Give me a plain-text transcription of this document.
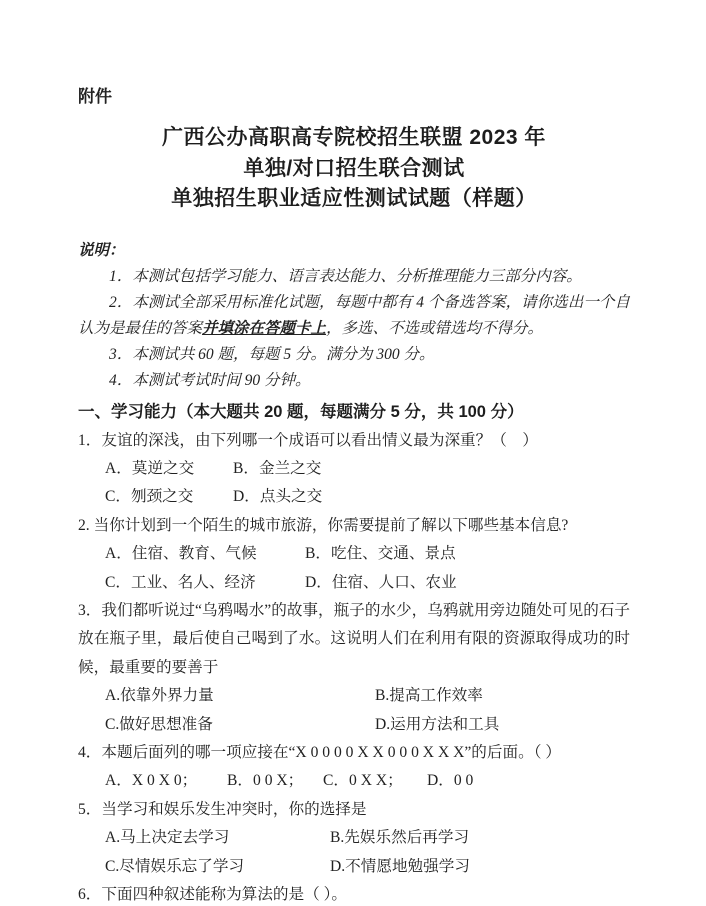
附件
广西公办高职高专院校招生联盟 2023 年
单独/对口招生联合测试
单独招生职业适应性测试试题（样题）

说明：

1．本测试包括学习能力、语言表达能力、分析推理能力三部分内容。

2．本测试全部采用标准化试题，每题中都有 4 个备选答案，请你选出一个自认为是最佳的答案并填涂在答题卡上，多选、不选或错选均不得分。

3．本测试共 60 题，每题 5 分。满分为 300 分。

4．本测试考试时间 90 分钟。

一、学习能力（本大题共 20 题，每题满分 5 分，共 100 分）

1．友谊的深浅，由下列哪一个成语可以看出情义最为深重？（　）

A．莫逆之交	B．金兰之交
C．刎颈之交	D．点头之交

2. 当你计划到一个陌生的城市旅游，你需要提前了解以下哪些基本信息?

A．住宿、教育、气候	B．吃住、交通、景点
C．工业、名人、经济	D．住宿、人口、农业

3．我们都听说过“乌鸦喝水”的故事，瓶子的水少，乌鸦就用旁边随处可见的石子放在瓶子里，最后使自己喝到了水。这说明人们在利用有限的资源取得成功的时候，最重要的要善于

A.依靠外界力量	B.提高工作效率
C.做好思想准备	D.运用方法和工具

4．本题后面列的哪一项应接在“X 0 0 0 0 X X 0 0 0 X X X”的后面。（ ）

A．X 0 X 0；	B．0 0 X；	C．0 X X；	D．0 0

5．当学习和娱乐发生冲突时，你的选择是

A.马上决定去学习	B.先娱乐然后再学习
C.尽情娱乐忘了学习	D.不情愿地勉强学习

6．下面四种叙述能称为算法的是（ ）。
